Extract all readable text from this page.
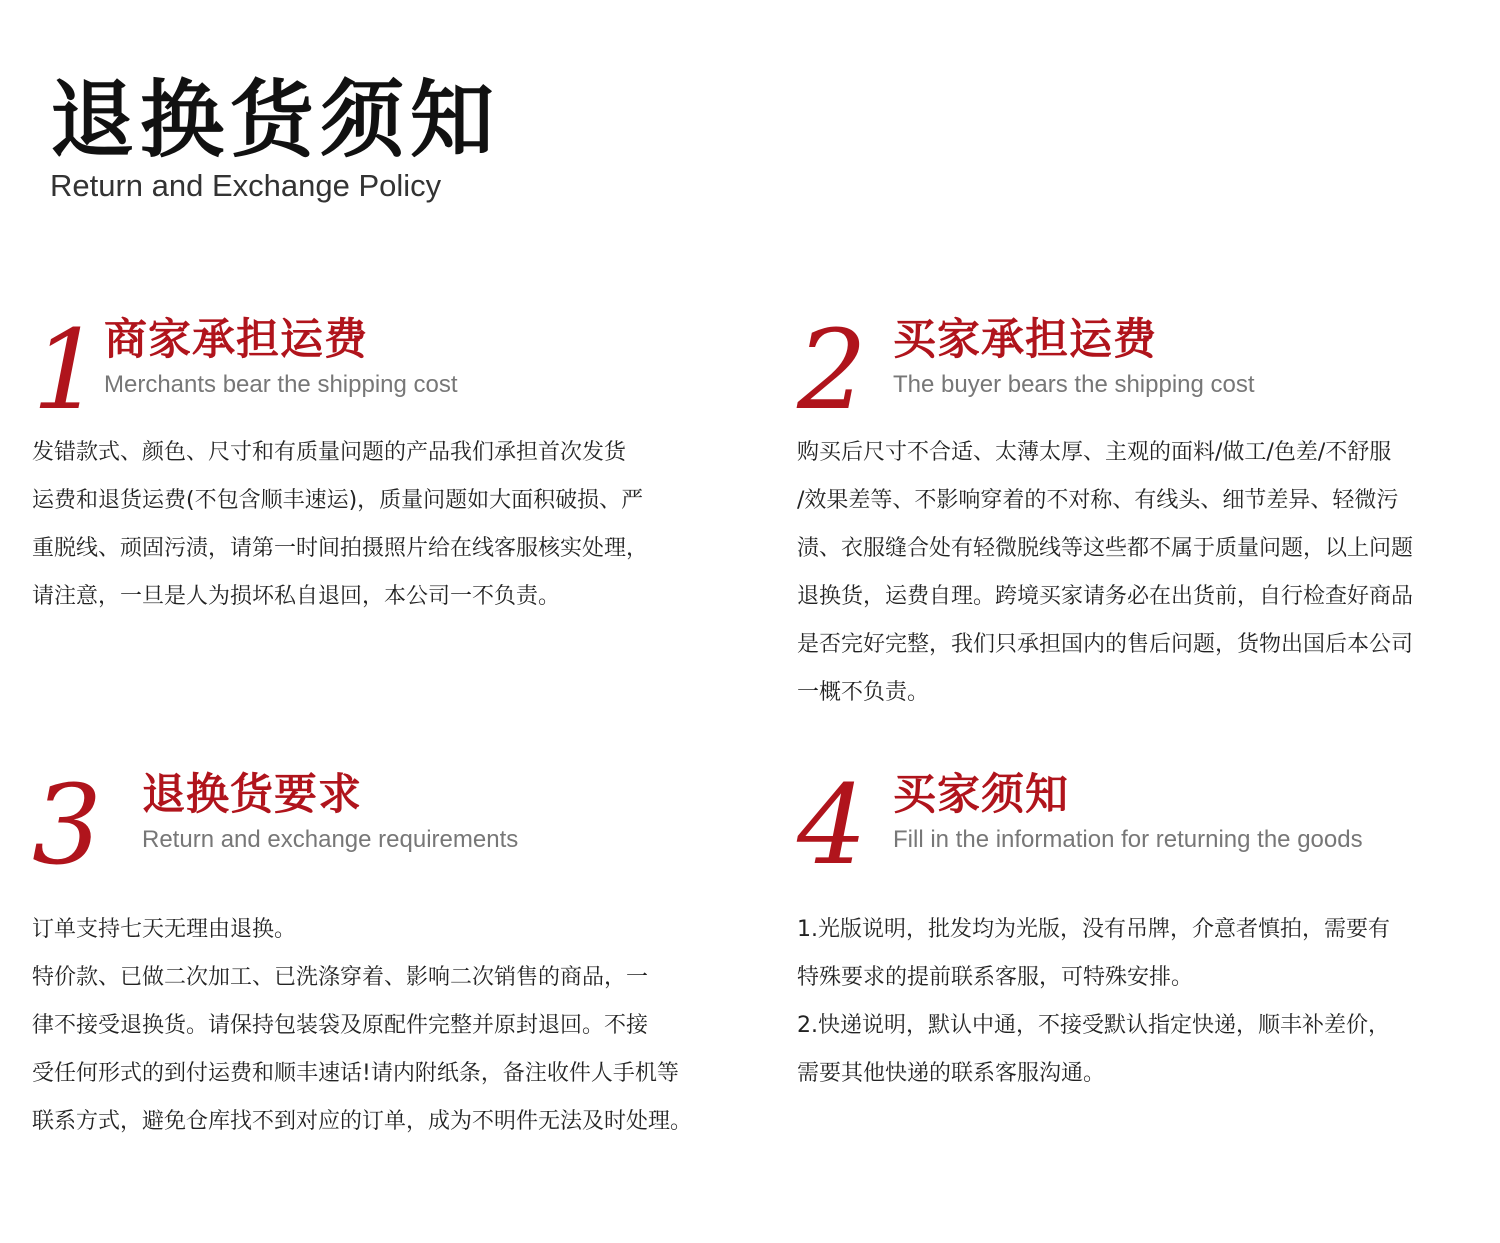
退换货须知
Return and Exchange Policy
1 商家承担运费
Merchants bear the shipping cost
发错款式、颜色、尺寸和有质量问题的产品我们承担首次发货
运费和退货运费(不包含顺丰速运)，质量问题如大面积破损、严
重脱线、顽固污渍，请第一时间拍摄照片给在线客服核实处理，
请注意，一旦是人为损坏私自退回，本公司一不负责。
2 买家承担运费
The buyer bears the shipping cost
购买后尺寸不合适、太薄太厚、主观的面料/做工/色差/不舒服
/效果差等、不影响穿着的不对称、有线头、细节差异、轻微污
渍、衣服缝合处有轻微脱线等这些都不属于质量问题，以上问题
退换货，运费自理。跨境买家请务必在出货前，自行检查好商品
是否完好完整，我们只承担国内的售后问题，货物出国后本公司
一概不负责。
3 退换货要求
Return and exchange requirements
订单支持七天无理由退换。
特价款、已做二次加工、已洗涤穿着、影响二次销售的商品，一
律不接受退换货。请保持包装袋及原配件完整并原封退回。不接
受任何形式的到付运费和顺丰速话!请内附纸条，备注收件人手机等
联系方式，避免仓库找不到对应的订单，成为不明件无法及时处理。
4 买家须知
Fill in the information for returning the goods
1.光版说明，批发均为光版，没有吊牌，介意者慎拍，需要有
特殊要求的提前联系客服，可特殊安排。
2.快递说明，默认中通，不接受默认指定快递，顺丰补差价，
需要其他快递的联系客服沟通。
